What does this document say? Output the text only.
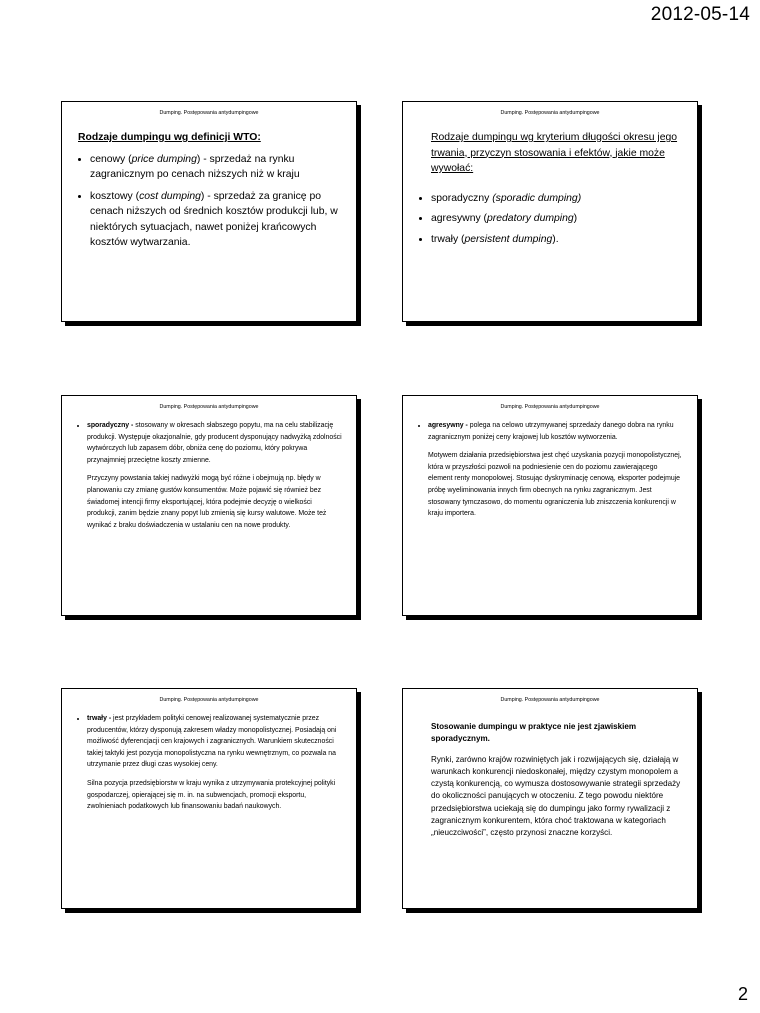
2012-05-14
Dumping. Postępowania antydumpingowe
Rodzaje dumpingu wg definicji WTO:
• cenowy (price dumping) - sprzedaż na rynku zagranicznym po cenach niższych niż w kraju
• kosztowy (cost dumping) - sprzedaż za granicę po cenach niższych od średnich kosztów produkcji lub, w niektórych sytuacjach, nawet poniżej krańcowych kosztów wytwarzania.
Dumping. Postępowania antydumpingowe
Rodzaje dumpingu wg kryterium długości okresu jego trwania, przyczyn stosowania i efektów, jakie może wywołać:
• sporadyczny (sporadic dumping)
• agresywny (predatory dumping)
• trwały (persistent dumping).
Dumping. Postępowania antydumpingowe
• sporadyczny - stosowany w okresach słabszego popytu, ma na celu stabilizację produkcji. Występuje okazjonalnie, gdy producent dysponujący nadwyżką zdolności wytwórczych lub zapasem dóbr, obniża cenę do poziomu, który pokrywa przynajmniej przeciętne koszty zmienne.

Przyczyny powstania takiej nadwyżki mogą być różne i obejmują np. błędy w planowaniu czy zmianę gustów konsumentów. Może pojawić się również bez świadomej intencji firmy eksportującej, która podejmie decyzję o wielkości produkcji, zanim będzie znany popyt lub zmienią się kursy walutowe. Może też wynikać z braku doświadczenia w ustalaniu cen na nowe produkty.

Dumping. Postępowania antydumpingowe
• agresywny - polega na celowo utrzymywanej sprzedaży danego dobra na rynku zagranicznym poniżej ceny krajowej lub kosztów wytworzenia.

Motywem działania przedsiębiorstwa jest chęć uzyskania pozycji monopolistycznej, która w przyszłości pozwoli na podniesienie cen do poziomu zawierającego element renty monopolowej. Stosując dyskryminację cenową, eksporter podejmuje próbę wyeliminowania innych firm obecnych na rynku zagranicznym. Jest stosowany tymczasowo, do momentu ograniczenia lub zniszczenia konkurencji w kraju importera.

Dumping. Postępowania antydumpingowe
• trwały - jest przykładem polityki cenowej realizowanej systematycznie przez producentów, którzy dysponują zakresem władzy monopolistycznej. Posiadają oni możliwość dyferencjacji cen krajowych i zagranicznych. Warunkiem skuteczności takiej taktyki jest pozycja monopolistyczna na rynku wewnętrznym, co pozwala na utrzymanie przez długi czas wysokiej ceny.

Silna pozycja przedsiębiorstw w kraju wynika z utrzymywania protekcyjnej polityki gospodarczej, opierającej się m. in. na subwencjach, promocji eksportu, zwolnieniach podatkowych lub finansowaniu badań naukowych.

Dumping. Postępowania antydumpingowe
Stosowanie dumpingu w praktyce nie jest zjawiskiem sporadycznym.

Rynki, zarówno krajów rozwiniętych jak i rozwijających się, działają w warunkach konkurencji niedoskonałej, między czystym monopolem a czystą konkurencją, co wymusza dostosowywanie strategii sprzedaży do okoliczności panujących w otoczeniu. Z tego powodu niektóre przedsiębiorstwa uciekają się do dumpingu jako formy rywalizacji z zagranicznym konkurentem, która choć traktowana w kategoriach „nieuczciwości”, często przynosi znaczne korzyści.

2
